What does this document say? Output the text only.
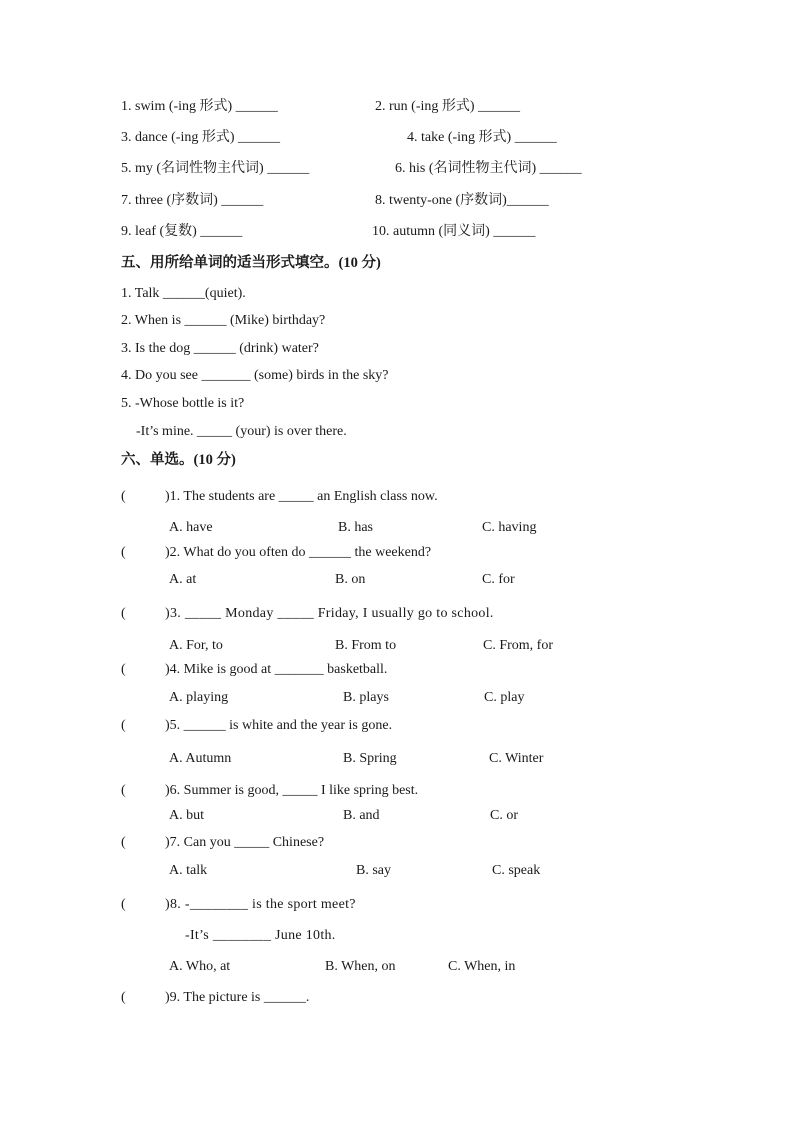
1. swim (-ing 形式) ______	2. run (-ing 形式) ______
3. dance (-ing 形式) ______	4. take (-ing 形式) ______
5. my (名词性物主代词) ______	6. his (名词性物主代词) ______
7. three (序数词) ______	8. twenty-one (序数词)______
9. leaf (复数) ______	10. autumn (同义词) ______
五、用所给单词的适当形式填空。(10 分)
1. Talk ______(quiet).
2. When is ______ (Mike) birthday?
3. Is the dog ______ (drink) water?
4. Do you see _______ (some) birds in the sky?
5. -Whose bottle is it?
-It’s mine. _____ (your) is over there.
六、单选。(10 分)
(	)1. The students are _____ an English class now.
A. have	B. has	C. having
(	)2. What do you often do ______ the weekend?
A. at	B. on	C. for
(	)3. _____ Monday _____ Friday, I usually go to school.
A. For, to	B. From to	C. From, for
(	)4. Mike is good at _______ basketball.
A. playing	B. plays	C. play
(	)5. ______ is white and the year is gone.
A. Autumn	B. Spring	C. Winter
(	)6. Summer is good, _____ I like spring best.
A. but	B. and	C. or
(	)7. Can you _____ Chinese?
A. talk	B. say	C. speak
(	)8. -________ is the sport meet?
-It’s ________ June 10th.
A. Who, at	B. When, on	C. When, in
(	)9. The picture is ______.
